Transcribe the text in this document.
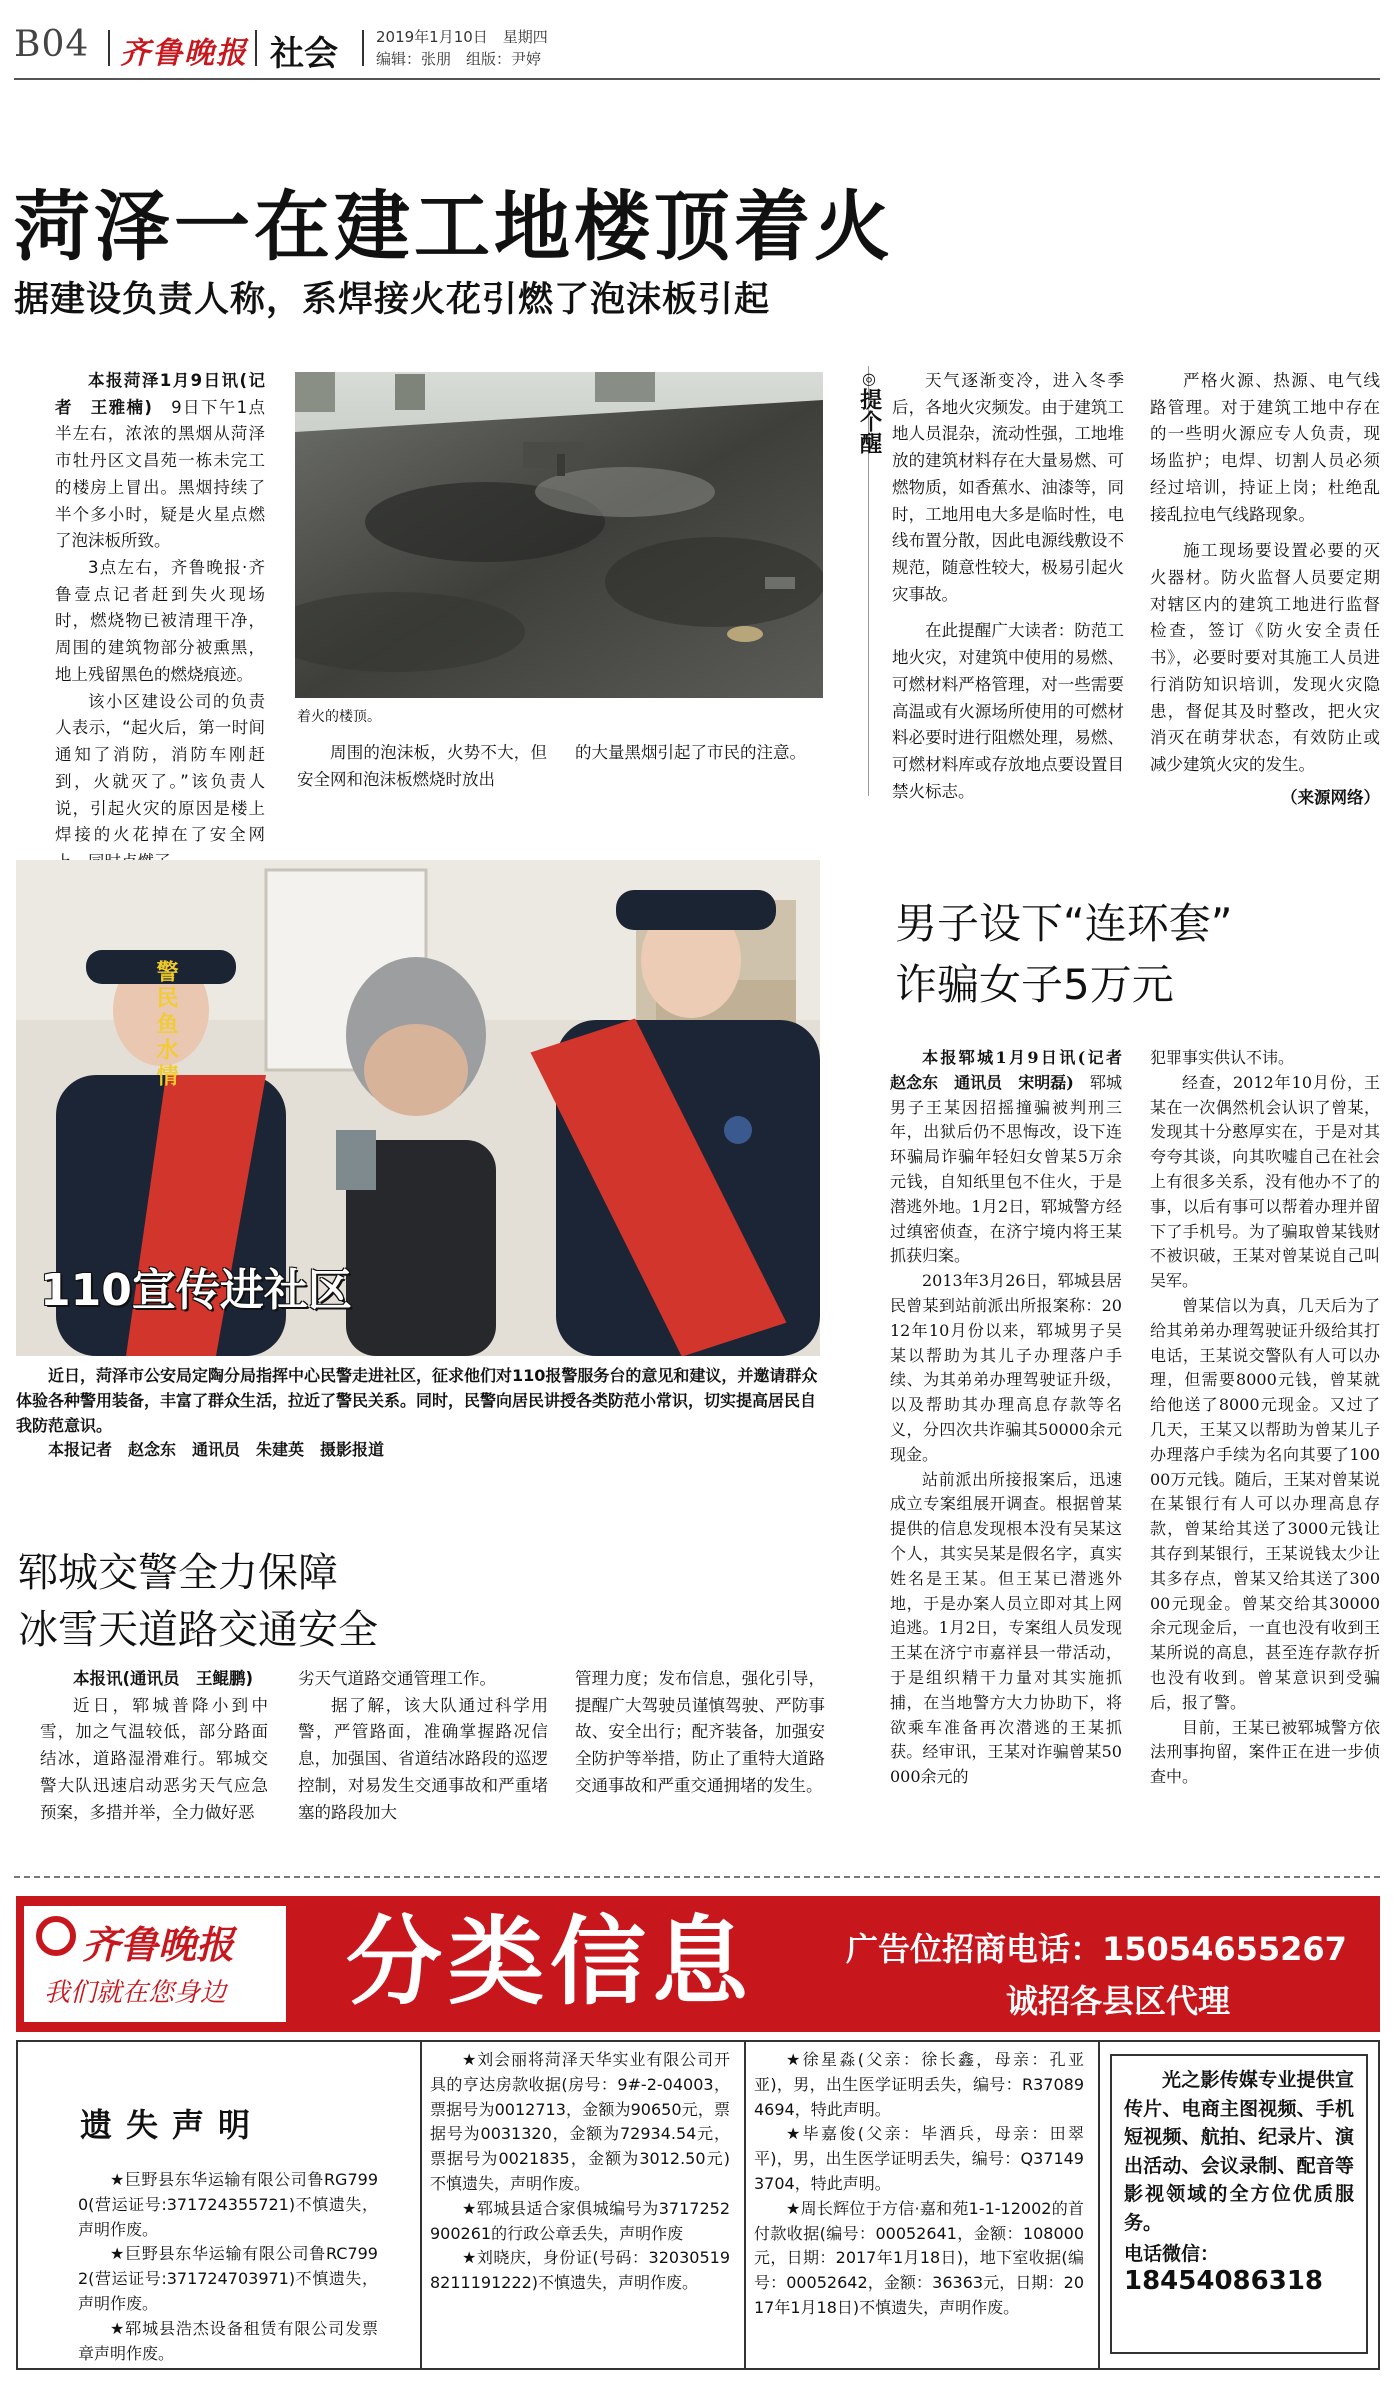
B04 齐鲁晚报 社会	2019年1月10日　星期四
编辑：张朋　组版：尹婷
菏泽一在建工地楼顶着火
据建设负责人称，系焊接火花引燃了泡沫板引起

本报菏泽1月9日讯(记者　王雅楠)　 9日下午1点半左右，浓浓的黑烟从菏泽市牡丹区文昌苑一栋未完工的楼房上冒出。黑烟持续了半个多小时，疑是火星点燃了泡沫板所致。

3点左右，齐鲁晚报·齐鲁壹点记者赶到失火现场时，燃烧物已被清理干净，周围的建筑物部分被熏黑，地上残留黑色的燃烧痕迹。

该小区建设公司的负责人表示，“起火后，第一时间通知了消防，消防车刚赶到，火就灭了。”该负责人说，引起火灾的原因是楼上焊接的火花掉在了安全网

着火的楼顶。

周围的泡沫板，火势不大，但安全网和泡沫板燃烧时放出

的大量黑烟引起了市民的注意。

◎
提个醒

天气逐渐变冷，进入冬季后，各地火灾频发。由于建筑工地人员混杂，流动性强，工地堆放的建筑材料存在大量易燃、可燃物质，如香蕉水、油漆等，同时，工地用电大多是临时性，电线布置分散，因此电源线敷设不规范，随意性较大，极易引起火灾事故。

在此提醒广大读者：防范工地火灾，对建筑中使用的易燃、可燃材料严格管理，对一些需要高温或有火源场所使用的可燃材料必要时进行阻燃处理，易燃、可燃材料库或存放地点要设置目禁火标志。

严格火源、热源、电气线路管理。对于建筑工地中存在的一些明火源应专人负责，现场监护；电焊、切割人员必须经过培训，持证上岗；杜绝乱接乱拉电气线路现象。

施工现场要设置必要的灭火器材。防火监督人员要定期对辖区内的建筑工地进行监督检查，签订《防火安全责任书》，必要时要对其施工人员进行消防知识培训，发现火灾隐患，督促其及时整改，把火灾消灭在萌芽状态，有效防止或减少建筑火灾的发生。

（来源网络）
警民鱼水情
110宣传进社区

近日，菏泽市公安局定陶分局指挥中心民警走进社区，征求他们对110报警服务台的意见和建议，并邀请群众体验各种警用装备，丰富了群众生活，拉近了警民关系。同时，民警向居民讲授各类防范小常识，切实提高居民自我防范意识。

本报记者　赵念东　通讯员　朱建英　摄影报道
郓城交警全力保障
冰雪天道路交通安全
本报讯(通讯员　王鲲鹏)

近日，郓城普降小到中雪，加之气温较低，部分路面结冰，道路湿滑难行。郓城交警大队迅速启动恶劣天气应急预案，多措并举，全力做好恶

劣天气道路交通管理工作。

据了解，该大队通过科学用警，严管路面，准确掌握路况信息，加强国、省道结冰路段的巡逻控制，对易发生交通事故和严重堵塞的路段加大

管理力度；发布信息，强化引导，提醒广大驾驶员谨慎驾驶、严防事故、安全出行；配齐装备，加强安全防护等举措，防止了重特大道路交通事故和严重交通拥堵的发生。

男子设下“连环套”
诈骗女子5万元

本报郓城1月9日讯(记者　赵念东　通讯员　宋明磊)　 郓城男子王某因招摇撞骗被判刑三年，出狱后仍不思悔改，设下连环骗局诈骗年轻妇女曾某5万余元钱，自知纸里包不住火，于是潜逃外地。1月2日，郓城警方经过缜密侦查，在济宁境内将王某抓获归案。

2013年3月26日，郓城县居民曾某到站前派出所报案称：2012年10月份以来，郓城男子吴某以帮助为其儿子办理落户手续、为其弟弟办理驾驶证升级，以及帮助其办理高息存款等名义，分四次共诈骗其50000余元现金。

站前派出所接报案后，迅速成立专案组展开调查。根据曾某提供的信息发现根本没有吴某这个人，其实吴某是假名字，真实姓名是王某。但王某已潜逃外地，于是办案人员立即对其上网追逃。1月2日，专案组人员发现王某在济宁市嘉祥县一带活动，于是组织精干力量对其实施抓捕，在当地警方大力协助下，将欲乘车准备再次潜逃的王某抓获。经审讯，王某对诈骗曾某50000余元的

犯罪事实供认不讳。

经查，2012年10月份，王某在一次偶然机会认识了曾某，发现其十分憨厚实在，于是对其夸夸其谈，向其吹嘘自己在社会上有很多关系，没有他办不了的事，以后有事可以帮着办理并留下了手机号。为了骗取曾某钱财不被识破，王某对曾某说自己叫吴军。

曾某信以为真，几天后为了给其弟弟办理驾驶证升级给其打电话，王某说交警队有人可以办理，但需要8000元钱，曾某就给他送了8000元现金。又过了几天，王某又以帮助为曾某儿子办理落户手续为名向其要了10000万元钱。随后，王某对曾某说在某银行有人可以办理高息存款，曾某给其送了3000元钱让其存到某银行，王某说钱太少让其多存点，曾某又给其送了30000元现金。曾某交给其30000余元现金后，一直也没有收到王某所说的高息，甚至连存款存折也没有收到。曾某意识到受骗后，报了警。

目前，王某已被郓城警方依法刑事拘留，案件正在进一步侦查中。

齐鲁晚报
我们就在您身边 分类信息	广告位招商电话：15054655267
诚招各县区代理
遗失声明

★巨野县东华运输有限公司鲁RG7990(营运证号:371724355721)不慎遗失，声明作废。

★巨野县东华运输有限公司鲁RC7992(营运证号:371724703971)不慎遗失，声明作废。

★郓城县浩杰设备租赁有限公司发票章声明作废。

★刘会丽将菏泽天华实业有限公司开具的亨达房款收据(房号：9#-2-04003，票据号为0012713，金额为90650元，票据号为0031320，金额为72934.54元，票据号为0021835，金额为3012.50元)不慎遗失，声明作废。

★郓城县适合家俱城编号为3717252900261的行政公章丢失，声明作废

★刘晓庆，身份证(号码：320305198211191222)不慎遗失，声明作废。

★徐星淼(父亲：徐长鑫，母亲：孔亚亚)，男，出生医学证明丢失，编号：R370894694，特此声明。

★毕嘉俊(父亲：毕酒兵，母亲：田翠平)，男，出生医学证明丢失，编号：Q371493704，特此声明。

★周长辉位于方信·嘉和苑1-1-12002的首付款收据(编号：00052641，金额：108000元，日期：2017年1月18日)，地下室收据(编号：00052642，金额：36363元，日期：2017年1月18日)不慎遗失，声明作废。

光之影传媒专业提供宣传片、电商主图视频、手机短视频、航拍、纪录片、演出活动、会议录制、配音等影视领域的全方位优质服务。

电话微信：
18454086318
